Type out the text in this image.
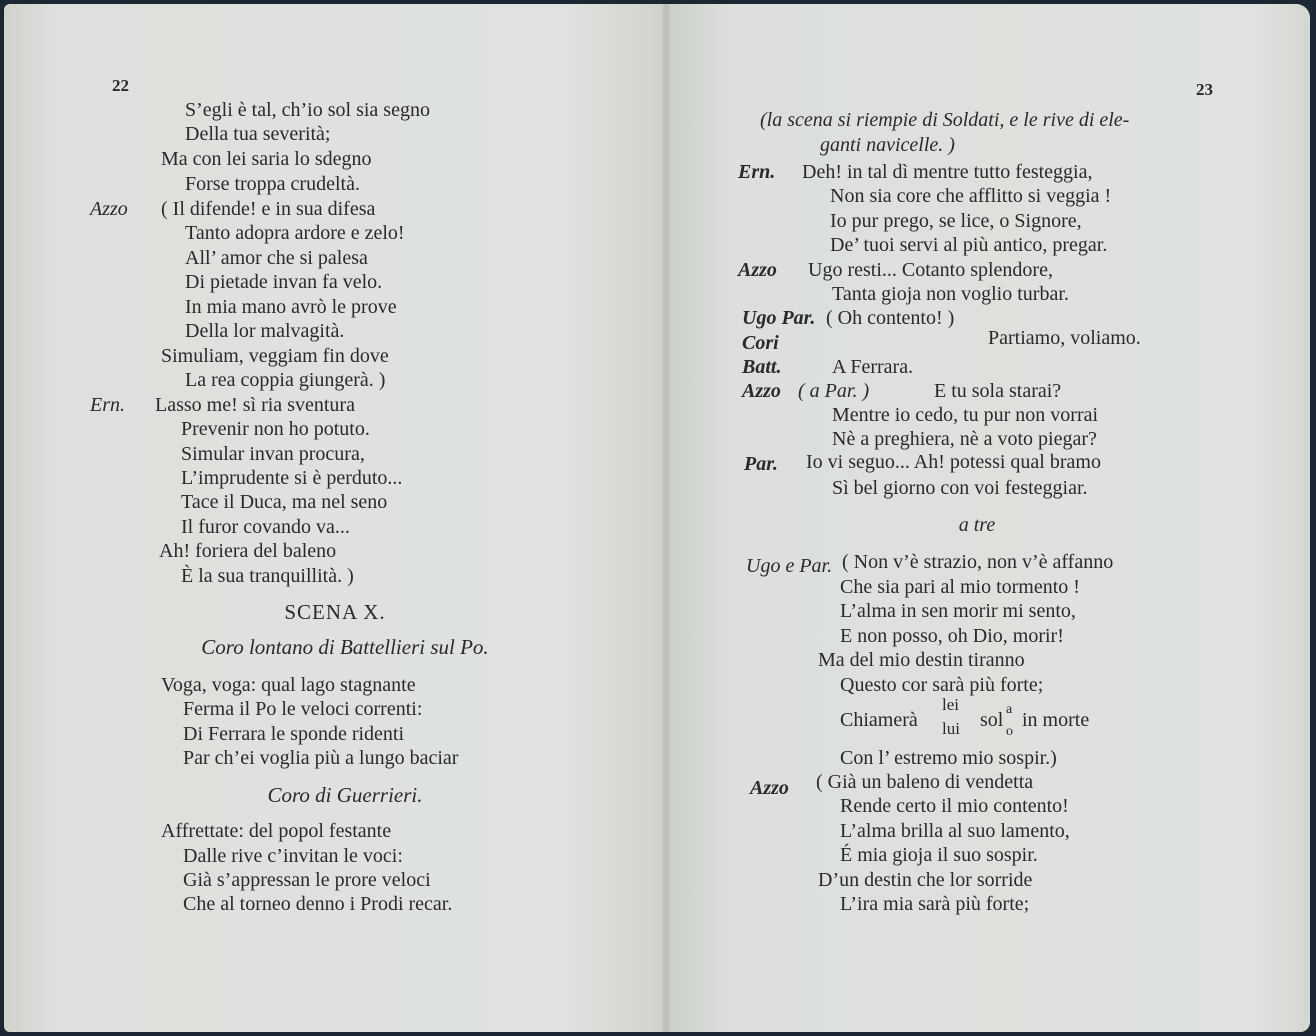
22
S’egli è tal, ch’io sol sia segno
Della tua severità;
Ma con lei saria lo sdegno
Forse troppa crudeltà.
Azzo ( Il difende! e in sua difesa
Tanto adopra ardore e zelo!
All’ amor che si palesa
Di pietade invan fa velo.
In mia mano avrò le prove
Della lor malvagità.
Simuliam, veggiam fin dove
La rea coppia giungerà. )
Ern. Lasso me! sì ria sventura
Prevenir non ho potuto.
Simular invan procura,
L’imprudente si è perduto...
Tace il Duca, ma nel seno
Il furor covando va...
Ah! foriera del baleno
È la sua tranquillità. )
SCENA X.
Coro lontano di Battellieri sul Po.
Voga, voga: qual lago stagnante
Ferma il Po le veloci correnti:
Di Ferrara le sponde ridenti
Par ch’ei voglia più a lungo baciar
Coro di Guerrieri.
Affrettate: del popol festante
Dalle rive c’invitan le voci:
Già s’appressan le prore veloci
Che al torneo denno i Prodi recar.
23
(la scena si riempie di Soldati, e le rive di ele-
ganti navicelle. )
Ern. Deh! in tal dì mentre tutto festeggia,
Non sia core che afflitto si veggia !
Io pur prego, se lice, o Signore,
De’ tuoi servi al più antico, pregar.
Azzo Ugo resti... Cotanto splendore,
Tanta gioja non voglio turbar.
Ugo Par. ( Oh contento! )
Cori	Partiamo, voliamo.
Batt.	A Ferrara.
Azzo ( a Par. )	E tu sola starai?
Mentre io cedo, tu pur non vorrai
Nè a preghiera, nè a voto piegar?
Par. Io vi seguo... Ah! potessi qual bramo
Sì bel giorno con voi festeggiar.
a tre
Ugo e Par. ( Non v’è strazio, non v’è affanno
Che sia pari al mio tormento !
L’alma in sen morir mi sento,
E non posso, oh Dio, morir!
Ma del mio destin tiranno
Questo cor sarà più forte;
Chiamerà
lei
lui sol a
o
in morte
Con l’ estremo mio sospir.)
Azzo ( Già un baleno di vendetta
Rende certo il mio contento!
L’alma brilla al suo lamento,
É mia gioja il suo sospir.
D’un destin che lor sorride
L’ira mia sarà più forte;
